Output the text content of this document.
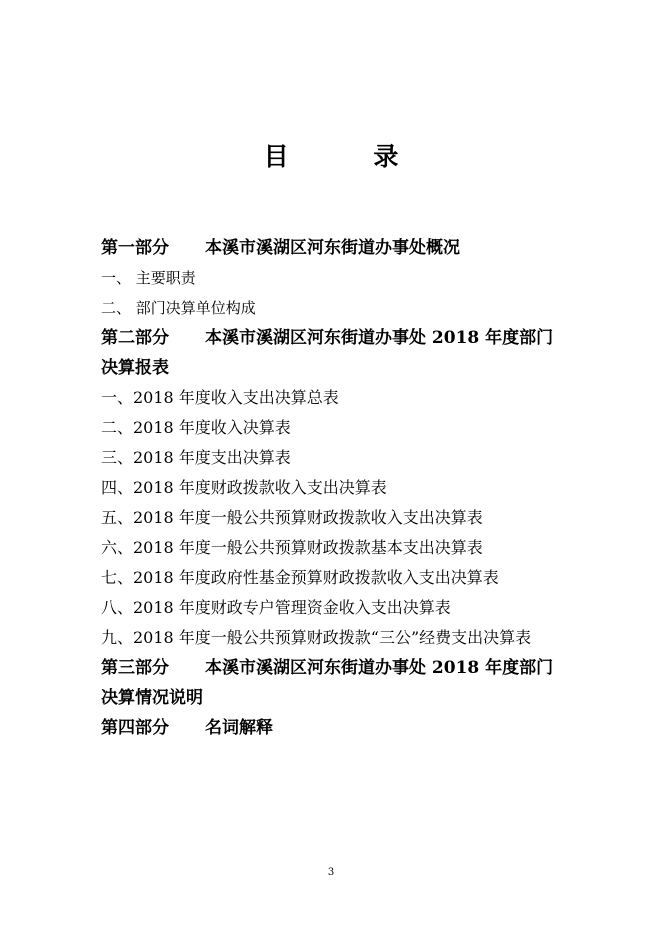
目 录
第一部分 本溪市溪湖区河东街道办事处概况
一、 主要职责
二、 部门决算单位构成
第二部分 本溪市溪湖区河东街道办事处 2018 年度部门
决算报表
一、2018 年度收入支出决算总表
二、2018 年度收入决算表
三、2018 年度支出决算表
四、2018 年度财政拨款收入支出决算表
五、2018 年度一般公共预算财政拨款收入支出决算表
六、2018 年度一般公共预算财政拨款基本支出决算表
七、2018 年度政府性基金预算财政拨款收入支出决算表
八、2018 年度财政专户管理资金收入支出决算表
九、2018 年度一般公共预算财政拨款“三公”经费支出决算表
第三部分 本溪市溪湖区河东街道办事处 2018 年度部门
决算情况说明
第四部分 名词解释
3
